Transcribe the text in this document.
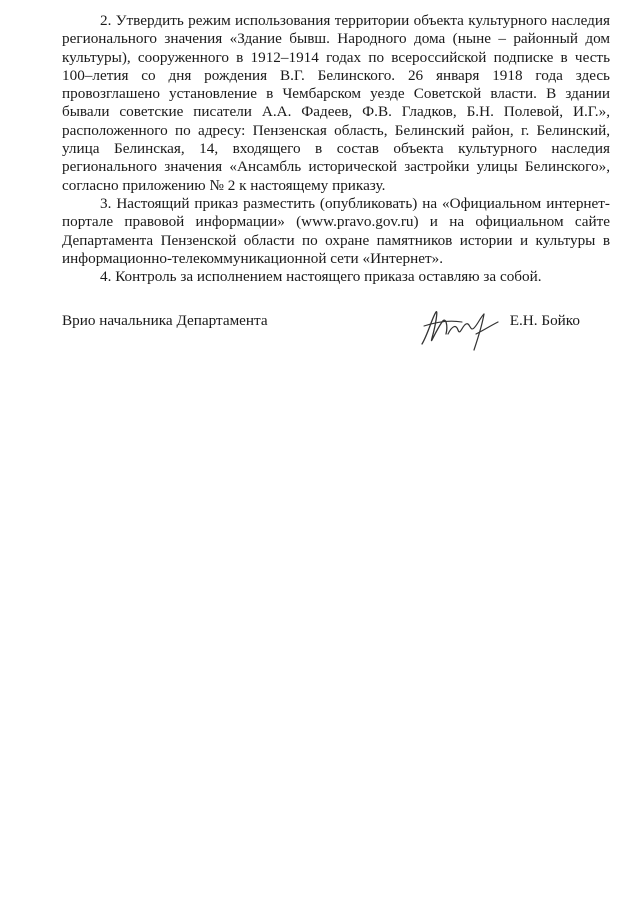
2. Утвердить режим использования территории объекта культурного наследия регионального значения «Здание бывш. Народного дома (ныне – районный дом культуры), сооруженного в 1912–1914 годах по всероссийской подписке в честь 100–летия со дня рождения В.Г. Белинского. 26 января 1918 года здесь провозглашено установление в Чембарском уезде Советской власти. В здании бывали советские писатели А.А. Фадеев, Ф.В. Гладков, Б.Н. Полевой, И.Г.», расположенного по адресу: Пензенская область, Белинский район, г. Белинский, улица Белинская, 14, входящего в состав объекта культурного наследия регионального значения «Ансамбль исторической застройки улицы Белинского», согласно приложению № 2 к настоящему приказу.

3. Настоящий приказ разместить (опубликовать) на «Официальном интернет-портале правовой информации» (www.pravo.gov.ru) и на официальном сайте Департамента Пензенской области по охране памятников истории и культуры в информационно-телекоммуникационной сети «Интернет».

4. Контроль за исполнением настоящего приказа оставляю за собой.

Врио начальника Департамента	Е.Н. Бойко
